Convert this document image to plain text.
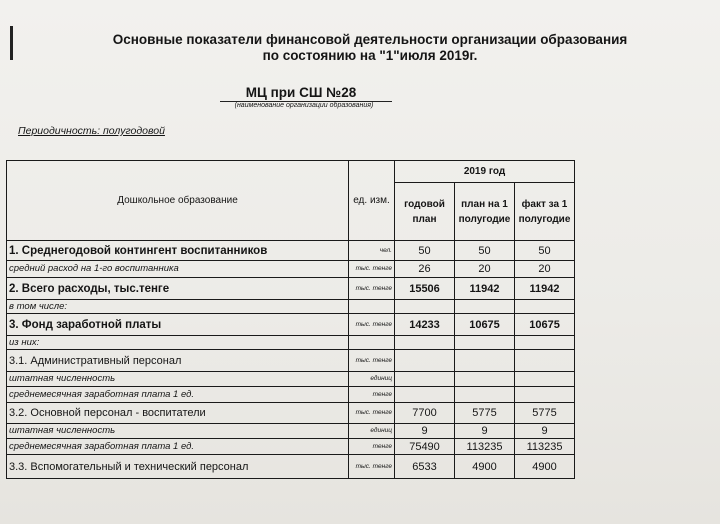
Основные показатели финансовой деятельности организации образования
по состоянию на "1"июля 2019г.
МЦ при СШ №28
(наименование организации образования)
Периодичность: полугодовой
Дошкольное образование	ед. изм.	2019 год		
		годовой план	план на 1 полугодие	факт за 1 полугодие
1. Среднегодовой контингент воспитанников	чел.	50	50	50
средний расход на 1-го воспитанника	тыс. тенге	26	20	20
2. Всего расходы, тыс.тенге	тыс. тенге	15506	11942	11942
в том числе:				
3. Фонд заработной платы	тыс. тенге	14233	10675	10675
из них:				
3.1. Административный персонал	тыс. тенге			
штатная численность	единиц			
среднемесячная заработная плата 1 ед.	тенге			
3.2. Основной персонал - воспитатели	тыс. тенге	7700	5775	5775
штатная численность	единиц	9	9	9
среднемесячная заработная плата 1 ед.	тенге	75490	113235	113235
3.3. Вспомогательный и технический персонал	тыс. тенге	6533	4900	4900
